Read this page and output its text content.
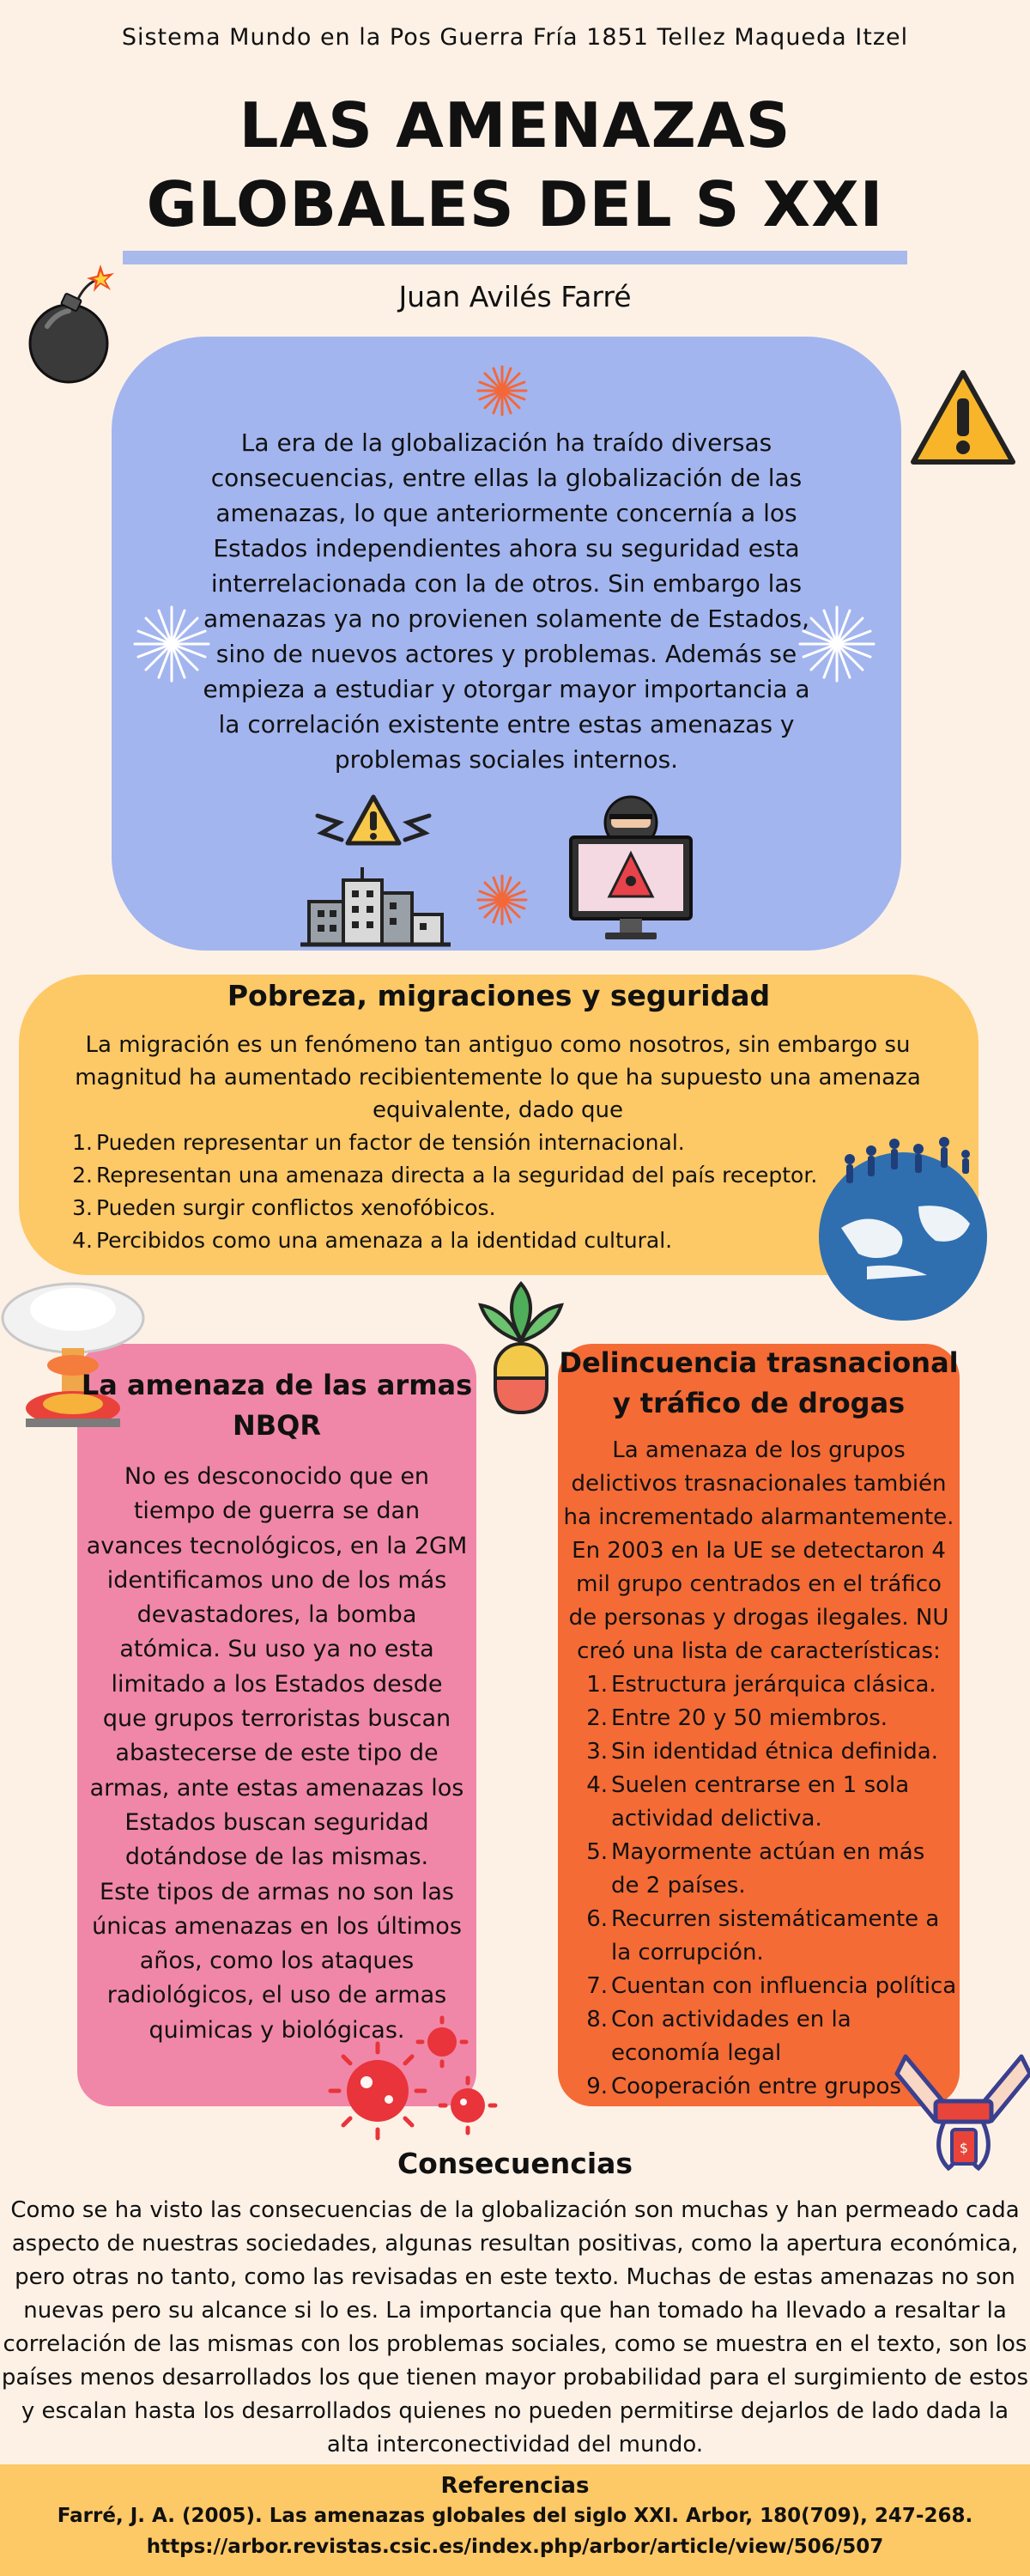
Sistema Mundo en la Pos Guerra Fría 1851 Tellez Maqueda Itzel
LAS AMENAZAS
GLOBALES DEL S XXI
Juan Avilés Farré
La era de la globalización ha traído diversas consecuencias, entre ellas la globalización de las amenazas, lo que anteriormente concernía a los Estados independientes ahora su seguridad esta interrelacionada con la de otros. Sin embargo las amenazas ya no provienen solamente de Estados, sino de nuevos actores y problemas. Además se empieza a estudiar y otorgar mayor importancia a la correlación existente entre estas amenazas y problemas sociales internos.
Pobreza, migraciones y seguridad
La migración es un fenómeno tan antiguo como nosotros, sin embargo su magnitud ha aumentado recibientemente lo que ha supuesto una amenaza equivalente, dado que
1. Pueden representar un factor de tensión internacional.
2. Representan una amenaza directa a la seguridad del país receptor.
3. Pueden surgir conflictos xenofóbicos.
4. Percibidos como una amenaza a la identidad cultural.
La amenaza de las armas
NBQR
No es desconocido que en tiempo de guerra se dan avances tecnológicos, en la 2GM identificamos uno de los más devastadores, la bomba atómica. Su uso ya no esta limitado a los Estados desde que grupos terroristas buscan abastecerse de este tipo de armas, ante estas amenazas los Estados buscan seguridad dotándose de las mismas.
Este tipos de armas no son las únicas amenazas en los últimos años, como los ataques radiológicos, el uso de armas quimicas y biológicas.
Delincuencia trasnacional
y tráfico de drogas
La amenaza de los grupos delictivos trasnacionales también ha incrementado alarmantemente. En 2003 en la UE se detectaron 4 mil grupo centrados en el tráfico de personas y drogas ilegales. NU creó una lista de características:
1. Estructura jerárquica clásica.
2. Entre 20 y 50 miembros.
3. Sin identidad étnica definida.
4. Suelen centrarse en 1 sola actividad delictiva.
5. Mayormente actúan en más de 2 países.
6. Recurren sistemáticamente a la corrupción.
7. Cuentan con influencia política
8. Con actividades en la economía legal
9. Cooperación entre grupos
$
Consecuencias
Como se ha visto las consecuencias de la globalización son muchas y han permeado cada aspecto de nuestras sociedades, algunas resultan positivas, como la apertura económica, pero otras no tanto, como las revisadas en este texto. Muchas de estas amenazas no son nuevas pero su alcance si lo es. La importancia que han tomado ha llevado a resaltar la correlación de las mismas con los problemas sociales, como se muestra en el texto, son los países menos desarrollados los que tienen mayor probabilidad para el surgimiento de estos y escalan hasta los desarrollados quienes no pueden permitirse dejarlos de lado dada la alta interconectividad del mundo.
Referencias
Farré, J. A. (2005). Las amenazas globales del siglo XXI. Arbor, 180(709), 247-268.
https://arbor.revistas.csic.es/index.php/arbor/article/view/506/507
